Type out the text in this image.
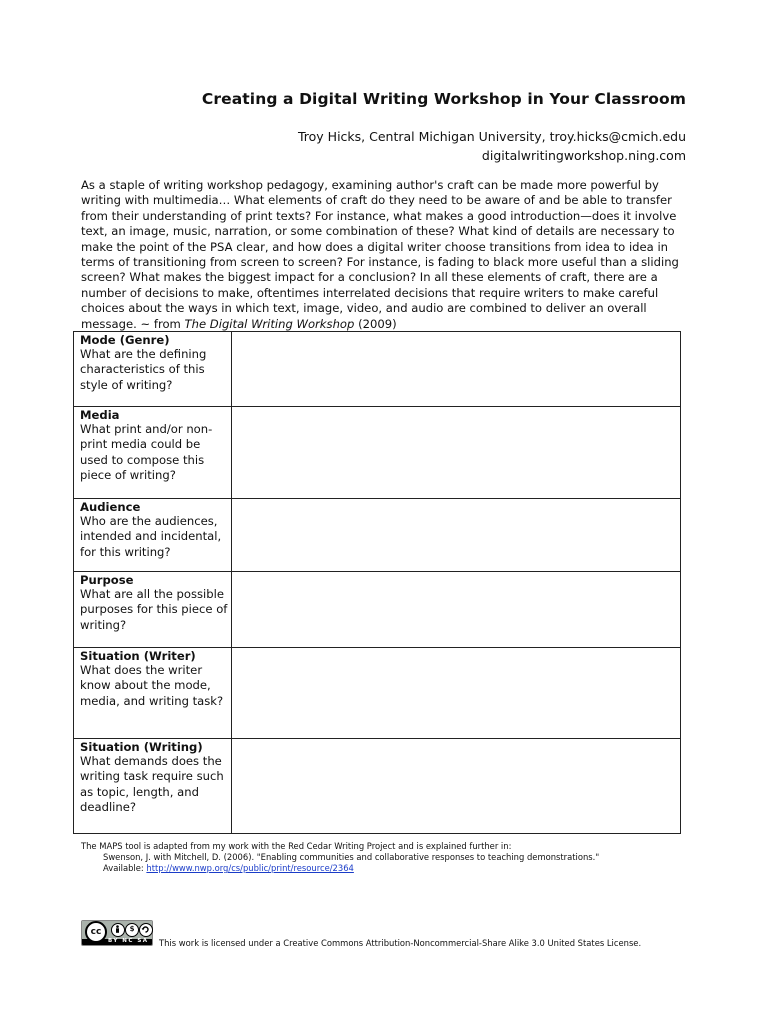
Creating a Digital Writing Workshop in Your Classroom
Troy Hicks, Central Michigan University, troy.hicks@cmich.edu
digitalwritingworkshop.ning.com
As a staple of writing workshop pedagogy, examining author's craft can be made more powerful by writing with multimedia… What elements of craft do they need to be aware of and be able to transfer from their understanding of print texts? For instance, what makes a good introduction—does it involve text, an image, music, narration, or some combination of these? What kind of details are necessary to make the point of the PSA clear, and how does a digital writer choose transitions from idea to idea in terms of transitioning from screen to screen? For instance, is fading to black more useful than a sliding screen? What makes the biggest impact for a conclusion? In all these elements of craft, there are a number of decisions to make, oftentimes interrelated decisions that require writers to make careful choices about the ways in which text, image, video, and audio are combined to deliver an overall message. ~ from The Digital Writing Workshop (2009)
Mode (Genre)
What are the defining characteristics of this style of writing?	

Media
What print and/or non-print media could be used to compose this piece of writing?	

Audience
Who are the audiences, intended and incidental, for this writing?	

Purpose
What are all the possible purposes for this piece of writing?	

Situation (Writer)
What does the writer know about the mode, media, and writing task?	

Situation (Writing)
What demands does the writing task require such as topic, length, and deadline?	

The MAPS tool is adapted from my work with the Red Cedar Writing Project and is explained further in:
Swenson, J. with Mitchell, D. (2006). "Enabling communities and collaborative responses to teaching demonstrations."
Available: http://www.nwp.org/cs/public/print/resource/2364
cc	$
BY NC SA This work is licensed under a Creative Commons Attribution-Noncommercial-Share Alike 3.0 United States License.
